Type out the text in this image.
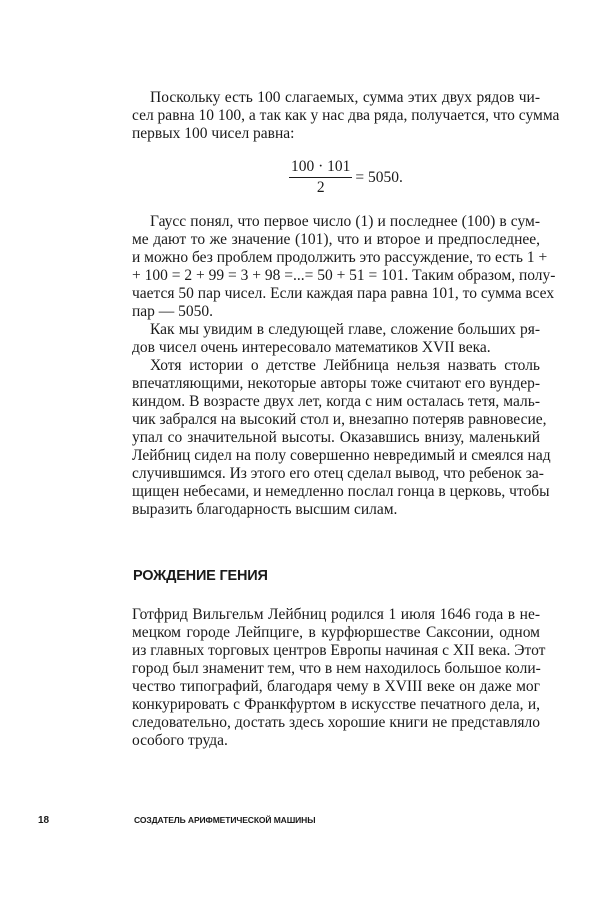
Поскольку есть 100 слагаемых, сумма этих двух рядов чи-
сел равна 10 100, а так как у нас два ряда, получается, что сумма
первых 100 чисел равна:
$\frac{100 \cdot 101}{2} = 5050$.
Гаусс понял, что первое число (1) и последнее (100) в сум-
ме дают то же значение (101), что и второе и предпоследнее,
и можно без проблем продолжить это рассуждение, то есть 1 +
+ 100 = 2 + 99 = 3 + 98 =...= 50 + 51 = 101. Таким образом, полу-
чается 50 пар чисел. Если каждая пара равна 101, то сумма всех
пар — 5050.
Как мы увидим в следующей главе, сложение больших ря-
дов чисел очень интересовало математиков XVII века.
Хотя истории о детстве Лейбница нельзя назвать столь
впечатляющими, некоторые авторы тоже считают его вундер-
киндом. В возрасте двух лет, когда с ним осталась тетя, маль-
чик забрался на высокий стол и, внезапно потеряв равновесие,
упал со значительной высоты. Оказавшись внизу, маленький
Лейбниц сидел на полу совершенно невредимый и смеялся над
случившимся. Из этого его отец сделал вывод, что ребенок за-
щищен небесами, и немедленно послал гонца в церковь, чтобы
выразить благодарность высшим силам.
РОЖДЕНИЕ ГЕНИЯ
Готфрид Вильгельм Лейбниц родился 1 июля 1646 года в не-
мецком городе Лейпциге, в курфюршестве Саксонии, одном
из главных торговых центров Европы начиная с XII века. Этот
город был знаменит тем, что в нем находилось большое коли-
чество типографий, благодаря чему в XVIII веке он даже мог
конкурировать с Франкфуртом в искусстве печатного дела, и,
следовательно, достать здесь хорошие книги не представляло
особого труда.
18	СОЗДАТЕЛЬ АРИФМЕТИЧЕСКОЙ МАШИНЫ
